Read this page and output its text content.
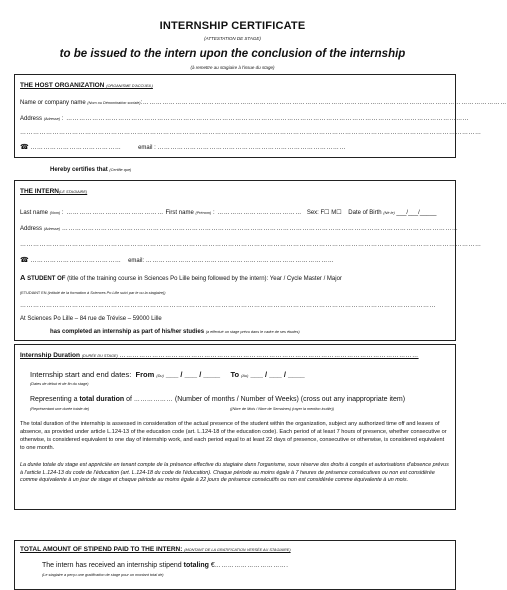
INTERNSHIP CERTIFICATE
(ATTESTATION DE STAGE)
to be issued to the intern upon the conclusion of the internship
(à remettre au stagiaire à l'issue du stage)
THE HOST ORGANIZATION (ORGANISME D'ACCUEIL)
Name or company name (Nom ou Dénomination sociale):……………………………………………………………………………………………………………………………………………………
Address (Adresse) : ……………………………………………………………………………………………………………………………………………………………………
……………………………………………………………………………………………………………………………………………………………………………………………
☎ ……………………………………	email : ……………………………………………………………………………
Hereby certifies that (Certifie que)
THE INTERN(LE STAGIAIRE)
Last name (Nom) : ……………………………………… First name (Prénom) : ………………………………… Sex: F☐ M☐ Date of Birth (Né le) ___/___/_____
Address (Adresse) …………………………………………………………………………………………………………………………………………………………………
……………………………………………………………………………………………………………………………………………………………………………………………
☎ …………………………………… email: ……………………………………………………………………………
A STUDENT OF (title of the training course in Sciences Po Lille being followed by the intern): Year / Cycle Master / Major
(ETUDIANT EN (intitulé de la formation à Sciences Po Lille suivi par le ou la stagiaire))
…………………………………………………………………………………………………………………………………………………………………………
At Sciences Po Lille – 84 rue de Trévise – 59000 Lille
has completed an internship as part of his/her studies (a effectué un stage prévu dans le cadre de ses études)
Internship Duration (DURÉE DU STAGE) …………………………………………………………………………………………………………………………
Internship start and end dates: From (Du) ___ / ___ / ____ To (Au) ___ / ___ / ____
(Dates de début et de fin du stage)
Representing a total duration of ……………… (Number of months / Number of Weeks) (cross out any inappropriate item)
(Représentant une durée totale de)	((Nbre de Mois / Nbre de Semaines) (rayer la mention inutile))
The total duration of the internship is assessed in consideration of the actual presence of the student within the organization, subject any authorized time off and leaves of absence, as provided under article L.124-13 of the education code (art. L.124-18 of the education code). Each period of at least 7 hours of presence, whether consecutive or otherwise, is considered equivalent to one day of internship work, and each period equal to at least 22 days of presence, consecutive or otherwise, is considered equivalent to one month.
La durée totale du stage est appréciée en tenant compte de la présence effective du stagiaire dans l'organisme, sous réserve des droits à congés et autorisations d'absence prévus à l'article L.124-13 du code de l'éducation (art. L.124-18 du code de l'éducation). Chaque période au moins égale à 7 heures de présence consécutives ou non est considérée comme équivalente à un jour de stage et chaque période au moins égale à 22 jours de présence consécutifs ou non est considérée comme équivalente à un mois.
TOTAL AMOUNT OF STIPEND PAID TO THE INTERN: (MONTANT DE LA GRATIFICATION VERSÉE AU STAGIAIRE)
The intern has received an internship stipend totaling €…………………………….
(Le stagiaire a perçu une gratification de stage pour un montant total de)
